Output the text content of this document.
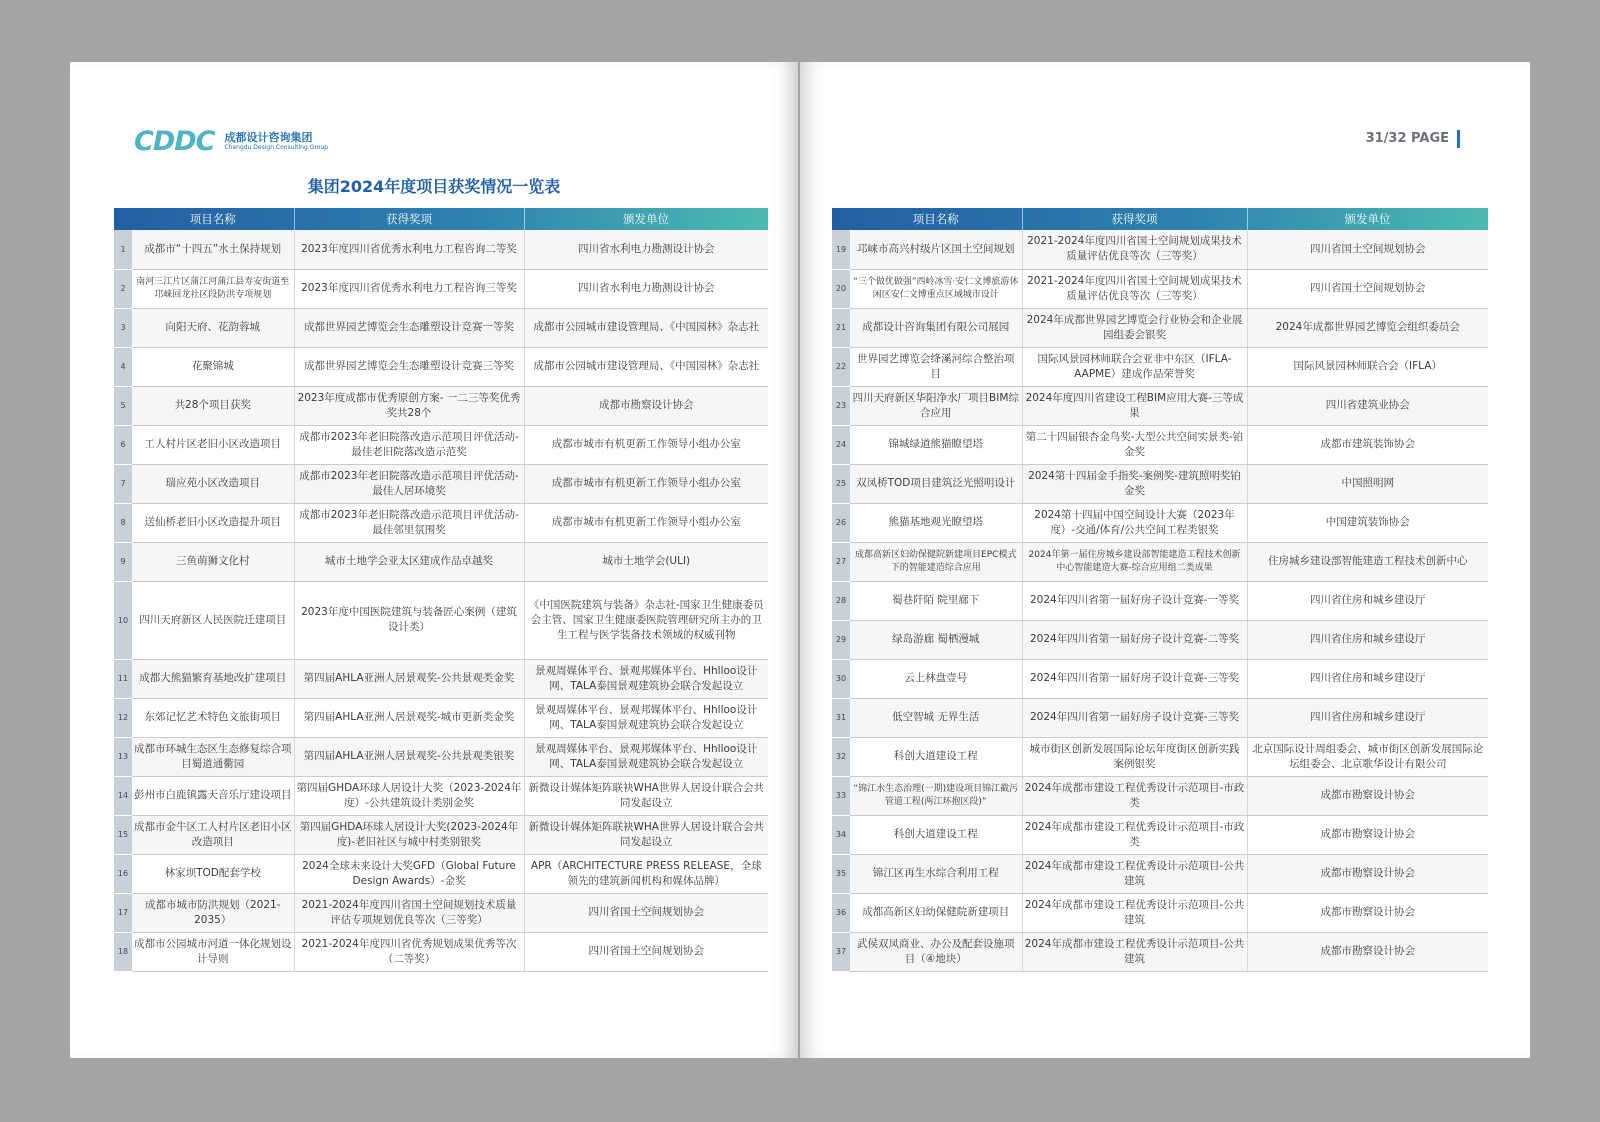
CDDC 成都设计咨询集团
Chengdu Design Consulting Group
集团2024年度项目获奖情况一览表
	项目名称	获得奖项	颁发单位
1	成都市“十四五”水土保持规划	2023年度四川省优秀水利电力工程咨询二等奖	四川省水利电力勘测设计协会
2	南河三江片区蒲江河蒲江县寿安街道至邛崃回龙社区段防洪专项规划	2023年度四川省优秀水利电力工程咨询三等奖	四川省水利电力勘测设计协会
3	向阳天府、花韵蓉城	成都世界园艺博览会生态雕塑设计竞赛一等奖	成都市公园城市建设管理局、《中国园林》杂志社
4	花聚锦城	成都世界园艺博览会生态雕塑设计竞赛三等奖	成都市公园城市建设管理局、《中国园林》杂志社
5	共28个项目获奖	2023年度成都市优秀原创方案- 一二三等奖优秀奖共28个	成都市勘察设计协会
6	工人村片区老旧小区改造项目	成都市2023年老旧院落改造示范项目评优活动-最佳老旧院落改造示范奖	成都市城市有机更新工作领导小组办公室
7	瑞应苑小区改造项目	成都市2023年老旧院落改造示范项目评优活动-最佳人居环境奖	成都市城市有机更新工作领导小组办公室
8	送仙桥老旧小区改造提升项目	成都市2023年老旧院落改造示范项目评优活动-最佳邻里氛围奖	成都市城市有机更新工作领导小组办公室
9	三鱼萌狮文化村	城市土地学会亚太区建成作品卓越奖	城市土地学会(ULI)
10	四川天府新区人民医院迁建项目	2023年度中国医院建筑与装备匠心案例（建筑设计类）	《中国医院建筑与装备》杂志社-国家卫生健康委员会主管、国家卫生健康委医院管理研究所主办的卫生工程与医学装备技术领域的权威刊物
11	成都大熊猫繁育基地改扩建项目	第四届AHLA亚洲人居景观奖-公共景观类金奖	景观周媒体平台、景观邦媒体平台、Hhlloo设计网、TALA泰国景观建筑协会联合发起设立
12	东郊记忆艺术特色文旅街项目	第四届AHLA亚洲人居景观奖-城市更新类金奖	景观周媒体平台、景观邦媒体平台、Hhlloo设计网、TALA泰国景观建筑协会联合发起设立
13	成都市环城生态区生态修复综合项目蜀道通衢园	第四届AHLA亚洲人居景观奖-公共景观类银奖	景观周媒体平台、景观邦媒体平台、Hhlloo设计网、TALA泰国景观建筑协会联合发起设立
14	彭州市白鹿镇露天音乐厅建设项目	第四届GHDA环球人居设计大奖（2023-2024年度）-公共建筑设计类别金奖	新微设计媒体矩阵联袂WHA世界人居设计联合会共同发起设立
15	成都市金牛区工人村片区老旧小区改造项目	第四届GHDA环球人居设计大奖(2023-2024年度)-老旧社区与城中村类别银奖	新微设计媒体矩阵联袂WHA世界人居设计联合会共同发起设立
16	林家坝TOD配套学校	2024全球未来设计大奖GFD（Global Future Design Awards）-金奖	APR（ARCHITECTURE PRESS RELEASE，全球领先的建筑新闻机构和媒体品牌）
17	成都市城市防洪规划（2021-2035）	2021-2024年度四川省国土空间规划技术质量评估专项规划优良等次（三等奖）	四川省国土空间规划协会
18	成都市公园城市河道一体化规划设计导则	2021-2024年度四川省优秀规划成果优秀等次（二等奖）	四川省国土空间规划协会
31/32 PAGE
	项目名称	获得奖项	颁发单位
19	邛崃市高兴村级片区国土空间规划	2021-2024年度四川省国土空间规划成果技术质量评估优良等次（三等奖）	四川省国土空间规划协会
20	“三个做优做强”西岭冰雪·安仁文博旅游休闲区安仁文博重点区域城市设计	2021-2024年度四川省国土空间规划成果技术质量评估优良等次（三等奖）	四川省国土空间规划协会
21	成都设计咨询集团有限公司展园	2024年成都世界园艺博览会行业协会和企业展园组委会银奖	2024年成都世界园艺博览会组织委员会
22	世界园艺博览会绛溪河综合整治项目	国际风景园林师联合会亚非中东区（IFLA-AAPME）建成作品荣誉奖	国际风景园林师联合会（IFLA）
23	四川天府新区华阳净水厂项目BIM综合应用	2024年度四川省建设工程BIM应用大赛-三等成果	四川省建筑业协会
24	锦城绿道熊猫瞭望塔	第二十四届银杏金鸟奖-大型公共空间实景类-铂金奖	成都市建筑装饰协会
25	双凤桥TOD项目建筑泛光照明设计	2024第十四届金手指奖-案例奖-建筑照明奖铂金奖	中国照明网
26	熊猫基地观光瞭望塔	2024第十四届中国空间设计大赛（2023年度）-交通/体育/公共空间工程类银奖	中国建筑装饰协会
27	成都高新区妇幼保健院新建项目EPC模式下的智能建造综合应用	2024年第一届住房城乡建设部智能建造工程技术创新中心智能建造大赛-综合应用组二类成果	住房城乡建设部智能建造工程技术创新中心
28	蜀巷阡陌 院里廊下	2024年四川省第一届好房子设计竞赛-一等奖	四川省住房和城乡建设厅
29	绿岛游廊 蜀栖漫城	2024年四川省第一届好房子设计竞赛-二等奖	四川省住房和城乡建设厅
30	云上林盘壹号	2024年四川省第一届好房子设计竞赛-三等奖	四川省住房和城乡建设厅
31	低空智城 无界生活	2024年四川省第一届好房子设计竞赛-三等奖	四川省住房和城乡建设厅
32	科创大道建设工程	城市街区创新发展国际论坛年度街区创新实践案例银奖	北京国际设计周组委会、城市街区创新发展国际论坛组委会、北京歌华设计有限公司
33	“锦江水生态治理(一期)建设项目锦江截污管道工程(两江环抱区段)”	2024年成都市建设工程优秀设计示范项目-市政类	成都市勘察设计协会
34	科创大道建设工程	2024年成都市建设工程优秀设计示范项目-市政类	成都市勘察设计协会
35	锦江区再生水综合利用工程	2024年成都市建设工程优秀设计示范项目-公共建筑	成都市勘察设计协会
36	成都高新区妇幼保健院新建项目	2024年成都市建设工程优秀设计示范项目-公共建筑	成都市勘察设计协会
37	武侯双凤商业、办公及配套设施项目（④地块）	2024年成都市建设工程优秀设计示范项目-公共建筑	成都市勘察设计协会
